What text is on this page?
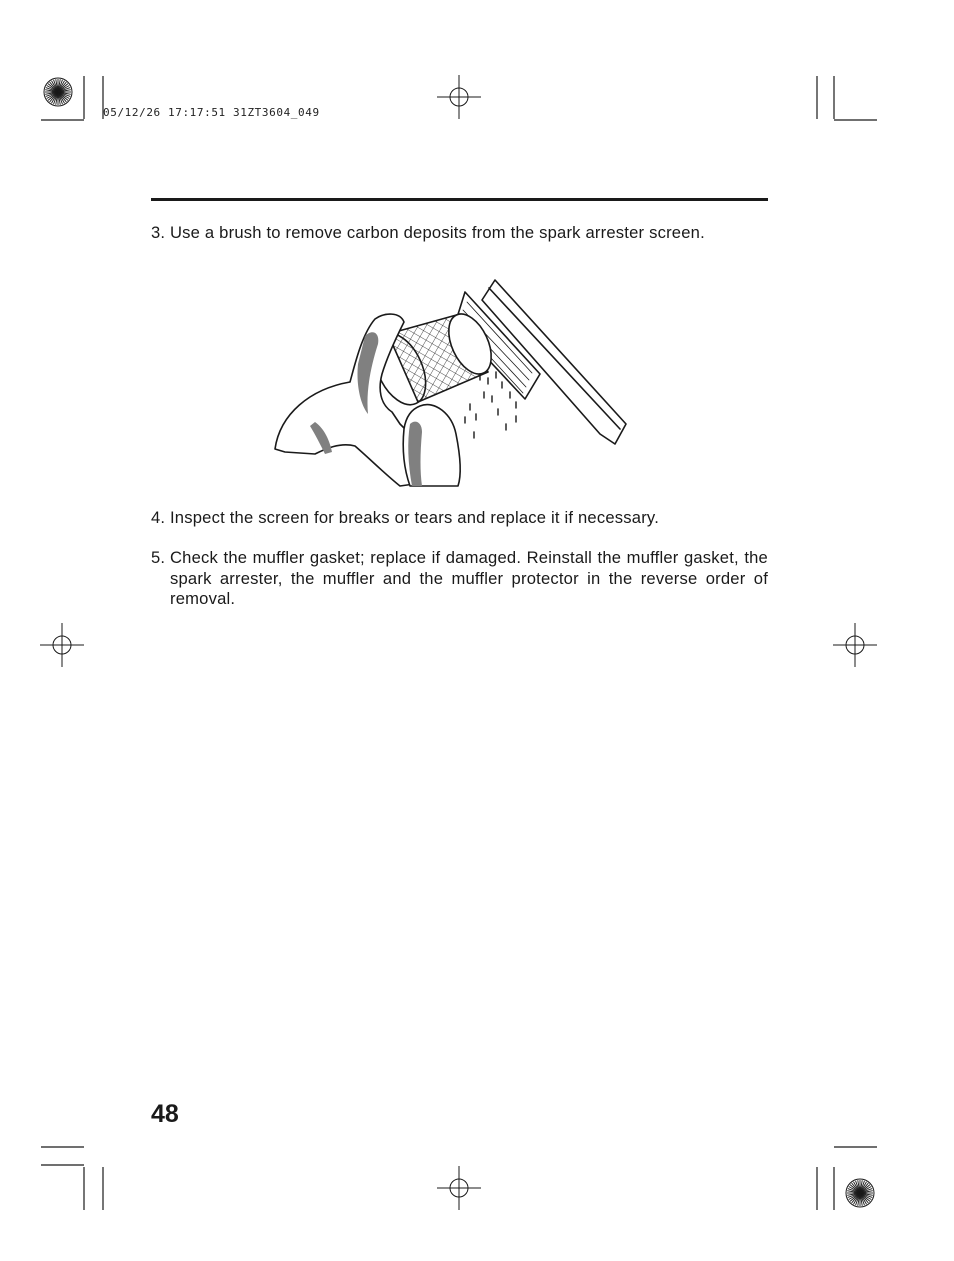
05/12/26 17:17:51 31ZT3604_049
3. Use a brush to remove carbon deposits from the spark arrester screen.
4. Inspect the screen for breaks or tears and replace it if necessary.
5. Check the muffler gasket; replace if damaged. Reinstall the muffler gasket, the spark arrester, the muffler and the muffler protector in the reverse order of removal.
48
